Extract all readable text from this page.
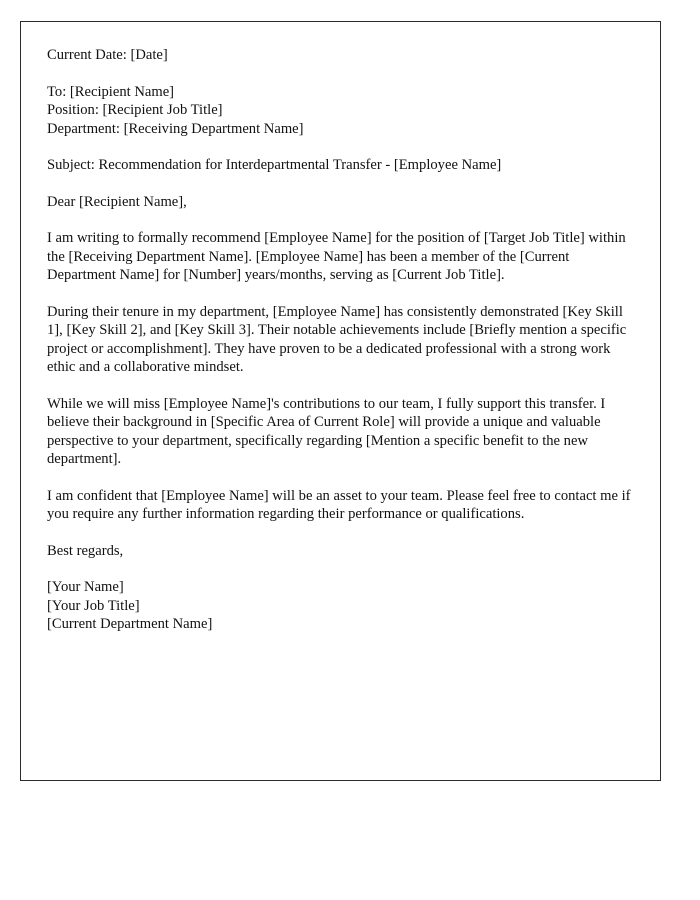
Current Date: [Date]
To: [Recipient Name]
Position: [Recipient Job Title]
Department: [Receiving Department Name]
Subject: Recommendation for Interdepartmental Transfer - [Employee Name]
Dear [Recipient Name],
I am writing to formally recommend [Employee Name] for the position of [Target Job Title] within the [Receiving Department Name]. [Employee Name] has been a member of the [Current Department Name] for [Number] years/months, serving as [Current Job Title].
During their tenure in my department, [Employee Name] has consistently demonstrated [Key Skill 1], [Key Skill 2], and [Key Skill 3]. Their notable achievements include [Briefly mention a specific project or accomplishment]. They have proven to be a dedicated professional with a strong work ethic and a collaborative mindset.
While we will miss [Employee Name]'s contributions to our team, I fully support this transfer. I believe their background in [Specific Area of Current Role] will provide a unique and valuable perspective to your department, specifically regarding [Mention a specific benefit to the new department].
I am confident that [Employee Name] will be an asset to your team. Please feel free to contact me if you require any further information regarding their performance or qualifications.
Best regards,
[Your Name]
[Your Job Title]
[Current Department Name]
